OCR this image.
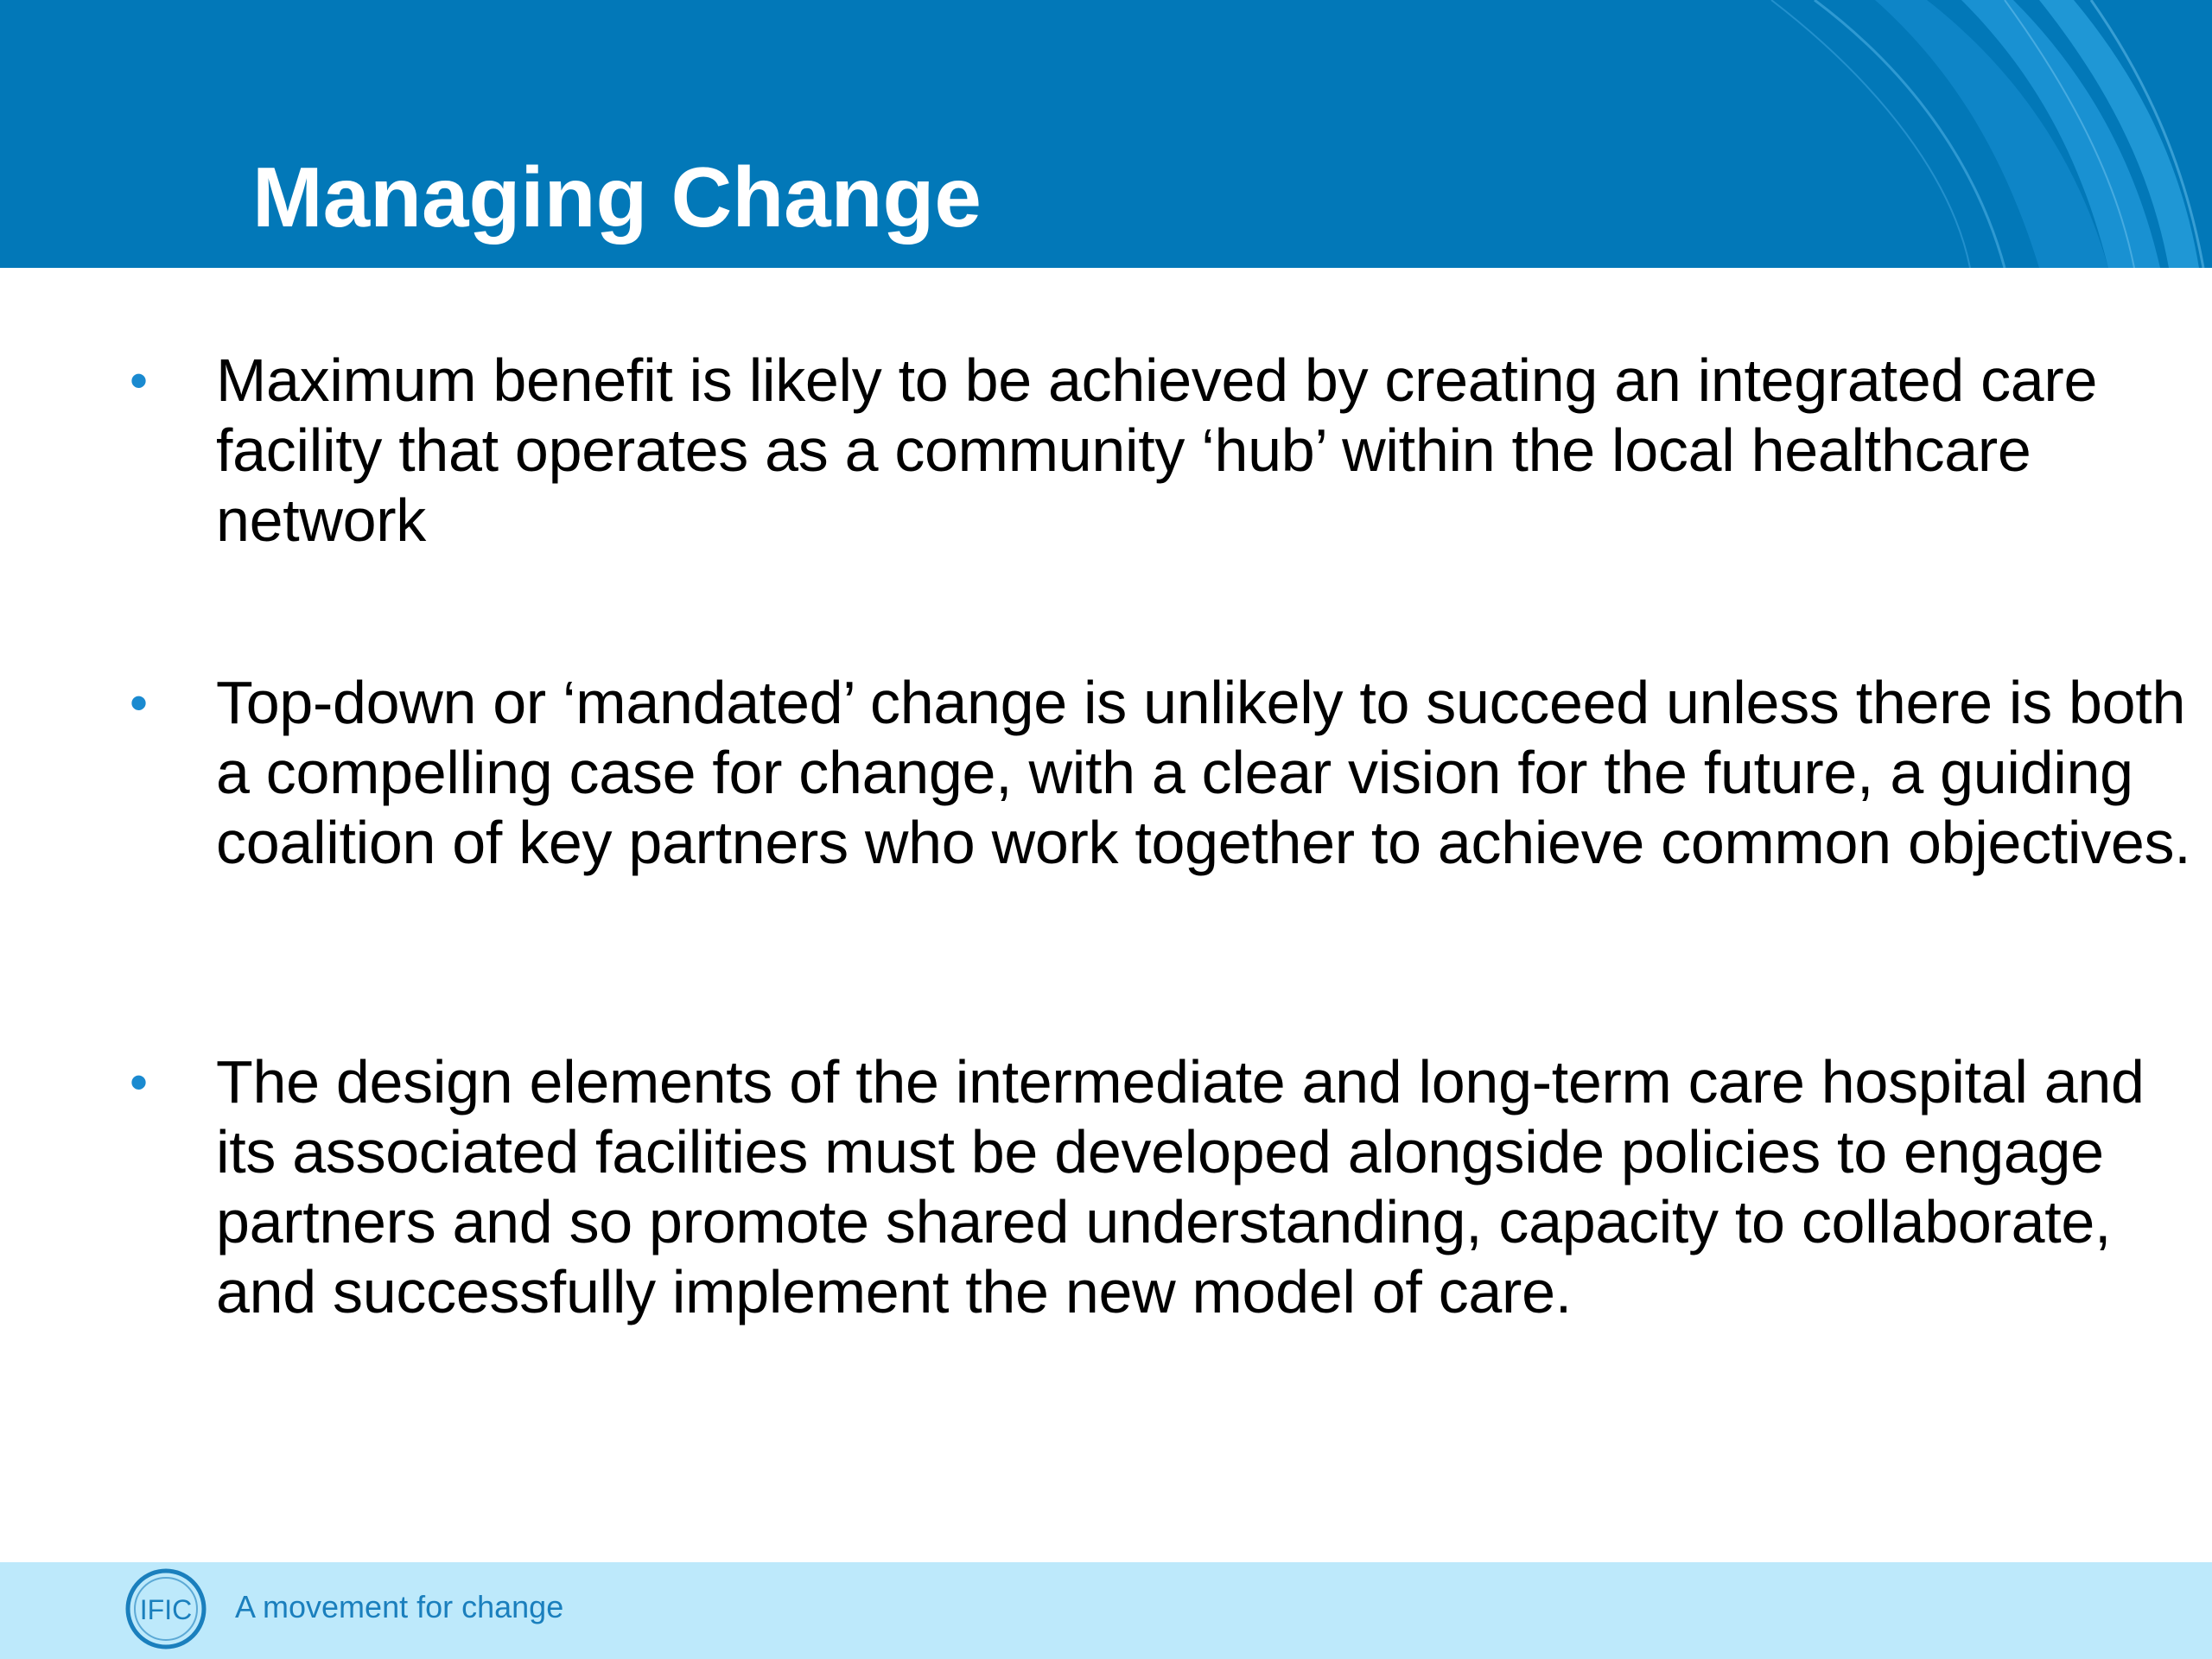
Managing Change
• Maximum benefit is likely to be achieved by creating an integrated care facility that operates as a community ‘hub’ within the local healthcare network
• Top-down or ‘mandated’ change is unlikely to succeed unless there is both a compelling case for change, with a clear vision for the future, a guiding coalition of key partners who work together to achieve common objectives.
• The design elements of the intermediate and long-term care hospital and its associated facilities must be developed alongside policies to engage partners and so promote shared understanding, capacity to collaborate, and successfully implement the new model of care.
IFIC A movement for change
